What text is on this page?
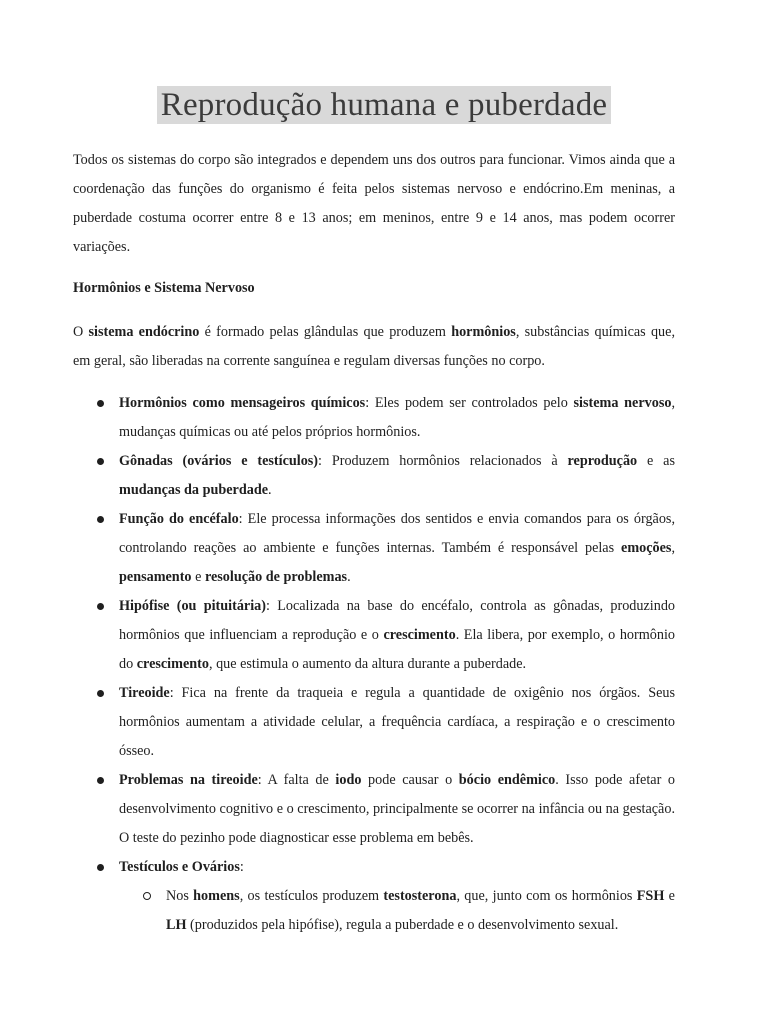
Reprodução humana e puberdade

Todos os sistemas do corpo são integrados e dependem uns dos outros para funcionar. Vimos ainda que a coordenação das funções do organismo é feita pelos sistemas nervoso e endócrino.Em meninas, a puberdade costuma ocorrer entre 8 e 13 anos; em meninos, entre 9 e 14 anos, mas podem ocorrer variações.

Hormônios e Sistema Nervoso

O sistema endócrino é formado pelas glândulas que produzem hormônios, substâncias químicas que, em geral, são liberadas na corrente sanguínea e regulam diversas funções no corpo.

Hormônios como mensageiros químicos: Eles podem ser controlados pelo sistema nervoso, mudanças químicas ou até pelos próprios hormônios.
Gônadas (ovários e testículos): Produzem hormônios relacionados à reprodução e as mudanças da puberdade.
Função do encéfalo: Ele processa informações dos sentidos e envia comandos para os órgãos, controlando reações ao ambiente e funções internas. Também é responsável pelas emoções, pensamento e resolução de problemas.
Hipófise (ou pituitária): Localizada na base do encéfalo, controla as gônadas, produzindo hormônios que influenciam a reprodução e o crescimento. Ela libera, por exemplo, o hormônio do crescimento, que estimula o aumento da altura durante a puberdade.
Tireoide: Fica na frente da traqueia e regula a quantidade de oxigênio nos órgãos. Seus hormônios aumentam a atividade celular, a frequência cardíaca, a respiração e o crescimento ósseo.
Problemas na tireoide: A falta de iodo pode causar o bócio endêmico. Isso pode afetar o desenvolvimento cognitivo e o crescimento, principalmente se ocorrer na infância ou na gestação. O teste do pezinho pode diagnosticar esse problema em bebês.
Testículos e Ovários:
Nos homens, os testículos produzem testosterona, que, junto com os hormônios FSH e LH (produzidos pela hipófise), regula a puberdade e o desenvolvimento sexual.
